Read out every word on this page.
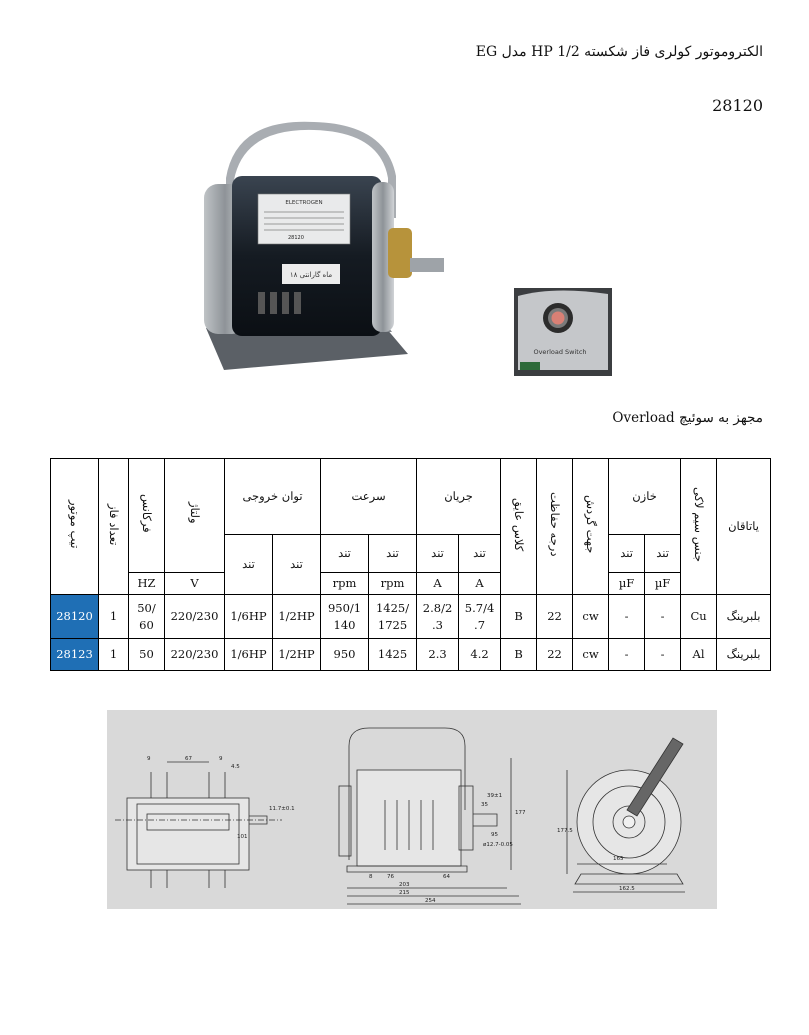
الکتروموتور کولری فاز شکسته 1/2 HP مدل EG
28120
ELECTROGEN
28120
۱۸ ماه گارانتی
Overload Switch
مجهز به سوئیچ Overload
تیپ موتور	تعداد فاز	فرکانس	ولتاژ	توان خروجی		سرعت		جریان		کلاس عایق	درجه حفاظت	جهت گردش	خازن		جنس سیم لاکی	یاتاقان
				تند	تند	تند	تند	تند	تند				تند	تند		
		HZ	V			rpm	rpm	A	A				µF	µF		
28120	1	50/ 60	220/230	1/6HP	1/2HP	950/1 140	1425/ 1725	2.8/2 .3	5.7/4 .7	B	22	cw	-	-	Cu	بلبرینگ
28123	1	50	220/230	1/6HP	1/2HP	950	1425	2.3	4.2	B	22	cw	-	-	Al	بلبرینگ
67
9	9
4.5
101
11.7±0.1
39±1
35
ø12.7-0.05
95
8	76	64
203
215
254
177
177.5
165
162.5
